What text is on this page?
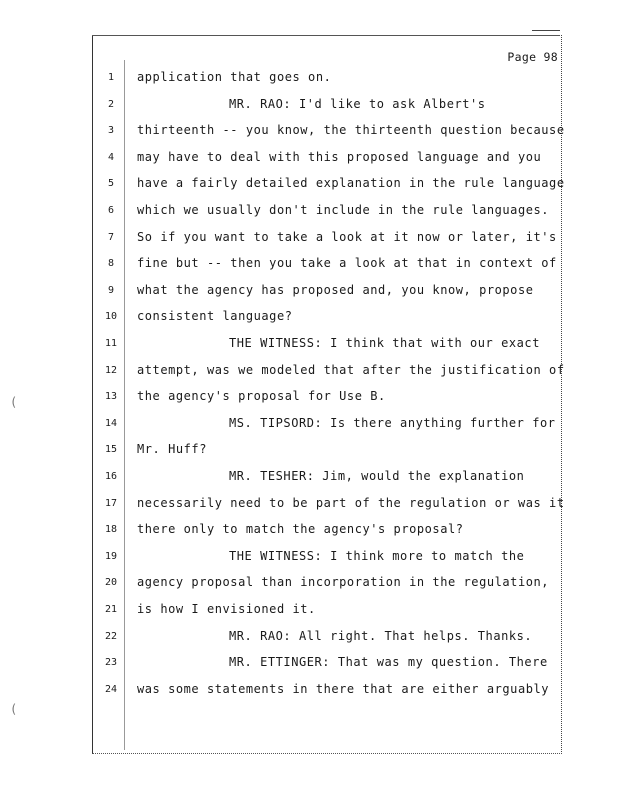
(
(
Page 98
1	application that goes on.
2	MR. RAO: I'd like to ask Albert's
3	thirteenth -- you know, the thirteenth question because
4	may have to deal with this proposed language and you
5	have a fairly detailed explanation in the rule language
6	which we usually don't include in the rule languages.
7	So if you want to take a look at it now or later, it's
8	fine but -- then you take a look at that in context of
9	what the agency has proposed and, you know, propose
10	consistent language?
11	THE WITNESS: I think that with our exact
12	attempt, was we modeled that after the justification of
13	the agency's proposal for Use B.
14	MS. TIPSORD: Is there anything further for
15	Mr. Huff?
16	MR. TESHER: Jim, would the explanation
17	necessarily need to be part of the regulation or was it
18	there only to match the agency's proposal?
19	THE WITNESS: I think more to match the
20	agency proposal than incorporation in the regulation,
21	is how I envisioned it.
22	MR. RAO: All right. That helps. Thanks.
23	MR. ETTINGER: That was my question. There
24	was some statements in there that are either arguably
